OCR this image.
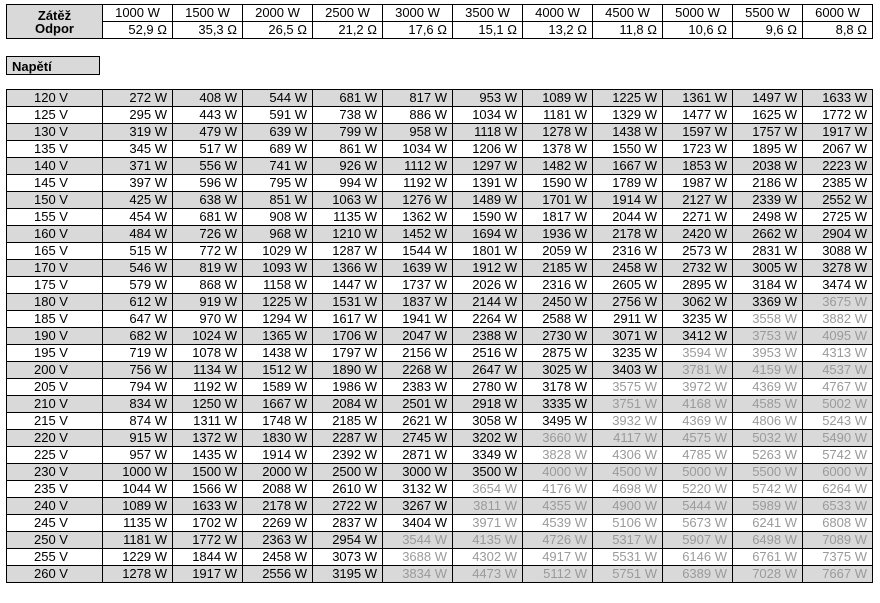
Zátěž
Odpor	1000 W	1500 W	2000 W	2500 W	3000 W	3500 W	4000 W	4500 W	5000 W	5500 W	6000 W
	52,9 Ω	35,3 Ω	26,5 Ω	21,2 Ω	17,6 Ω	15,1 Ω	13,2 Ω	11,8 Ω	10,6 Ω	9,6 Ω	8,8 Ω
Napětí
120 V	272 W	408 W	544 W	681 W	817 W	953 W	1089 W	1225 W	1361 W	1497 W	1633 W
125 V	295 W	443 W	591 W	738 W	886 W	1034 W	1181 W	1329 W	1477 W	1625 W	1772 W
130 V	319 W	479 W	639 W	799 W	958 W	1118 W	1278 W	1438 W	1597 W	1757 W	1917 W
135 V	345 W	517 W	689 W	861 W	1034 W	1206 W	1378 W	1550 W	1723 W	1895 W	2067 W
140 V	371 W	556 W	741 W	926 W	1112 W	1297 W	1482 W	1667 W	1853 W	2038 W	2223 W
145 V	397 W	596 W	795 W	994 W	1192 W	1391 W	1590 W	1789 W	1987 W	2186 W	2385 W
150 V	425 W	638 W	851 W	1063 W	1276 W	1489 W	1701 W	1914 W	2127 W	2339 W	2552 W
155 V	454 W	681 W	908 W	1135 W	1362 W	1590 W	1817 W	2044 W	2271 W	2498 W	2725 W
160 V	484 W	726 W	968 W	1210 W	1452 W	1694 W	1936 W	2178 W	2420 W	2662 W	2904 W
165 V	515 W	772 W	1029 W	1287 W	1544 W	1801 W	2059 W	2316 W	2573 W	2831 W	3088 W
170 V	546 W	819 W	1093 W	1366 W	1639 W	1912 W	2185 W	2458 W	2732 W	3005 W	3278 W
175 V	579 W	868 W	1158 W	1447 W	1737 W	2026 W	2316 W	2605 W	2895 W	3184 W	3474 W
180 V	612 W	919 W	1225 W	1531 W	1837 W	2144 W	2450 W	2756 W	3062 W	3369 W	3675 W
185 V	647 W	970 W	1294 W	1617 W	1941 W	2264 W	2588 W	2911 W	3235 W	3558 W	3882 W
190 V	682 W	1024 W	1365 W	1706 W	2047 W	2388 W	2730 W	3071 W	3412 W	3753 W	4095 W
195 V	719 W	1078 W	1438 W	1797 W	2156 W	2516 W	2875 W	3235 W	3594 W	3953 W	4313 W
200 V	756 W	1134 W	1512 W	1890 W	2268 W	2647 W	3025 W	3403 W	3781 W	4159 W	4537 W
205 V	794 W	1192 W	1589 W	1986 W	2383 W	2780 W	3178 W	3575 W	3972 W	4369 W	4767 W
210 V	834 W	1250 W	1667 W	2084 W	2501 W	2918 W	3335 W	3751 W	4168 W	4585 W	5002 W
215 V	874 W	1311 W	1748 W	2185 W	2621 W	3058 W	3495 W	3932 W	4369 W	4806 W	5243 W
220 V	915 W	1372 W	1830 W	2287 W	2745 W	3202 W	3660 W	4117 W	4575 W	5032 W	5490 W
225 V	957 W	1435 W	1914 W	2392 W	2871 W	3349 W	3828 W	4306 W	4785 W	5263 W	5742 W
230 V	1000 W	1500 W	2000 W	2500 W	3000 W	3500 W	4000 W	4500 W	5000 W	5500 W	6000 W
235 V	1044 W	1566 W	2088 W	2610 W	3132 W	3654 W	4176 W	4698 W	5220 W	5742 W	6264 W
240 V	1089 W	1633 W	2178 W	2722 W	3267 W	3811 W	4355 W	4900 W	5444 W	5989 W	6533 W
245 V	1135 W	1702 W	2269 W	2837 W	3404 W	3971 W	4539 W	5106 W	5673 W	6241 W	6808 W
250 V	1181 W	1772 W	2363 W	2954 W	3544 W	4135 W	4726 W	5317 W	5907 W	6498 W	7089 W
255 V	1229 W	1844 W	2458 W	3073 W	3688 W	4302 W	4917 W	5531 W	6146 W	6761 W	7375 W
260 V	1278 W	1917 W	2556 W	3195 W	3834 W	4473 W	5112 W	5751 W	6389 W	7028 W	7667 W
